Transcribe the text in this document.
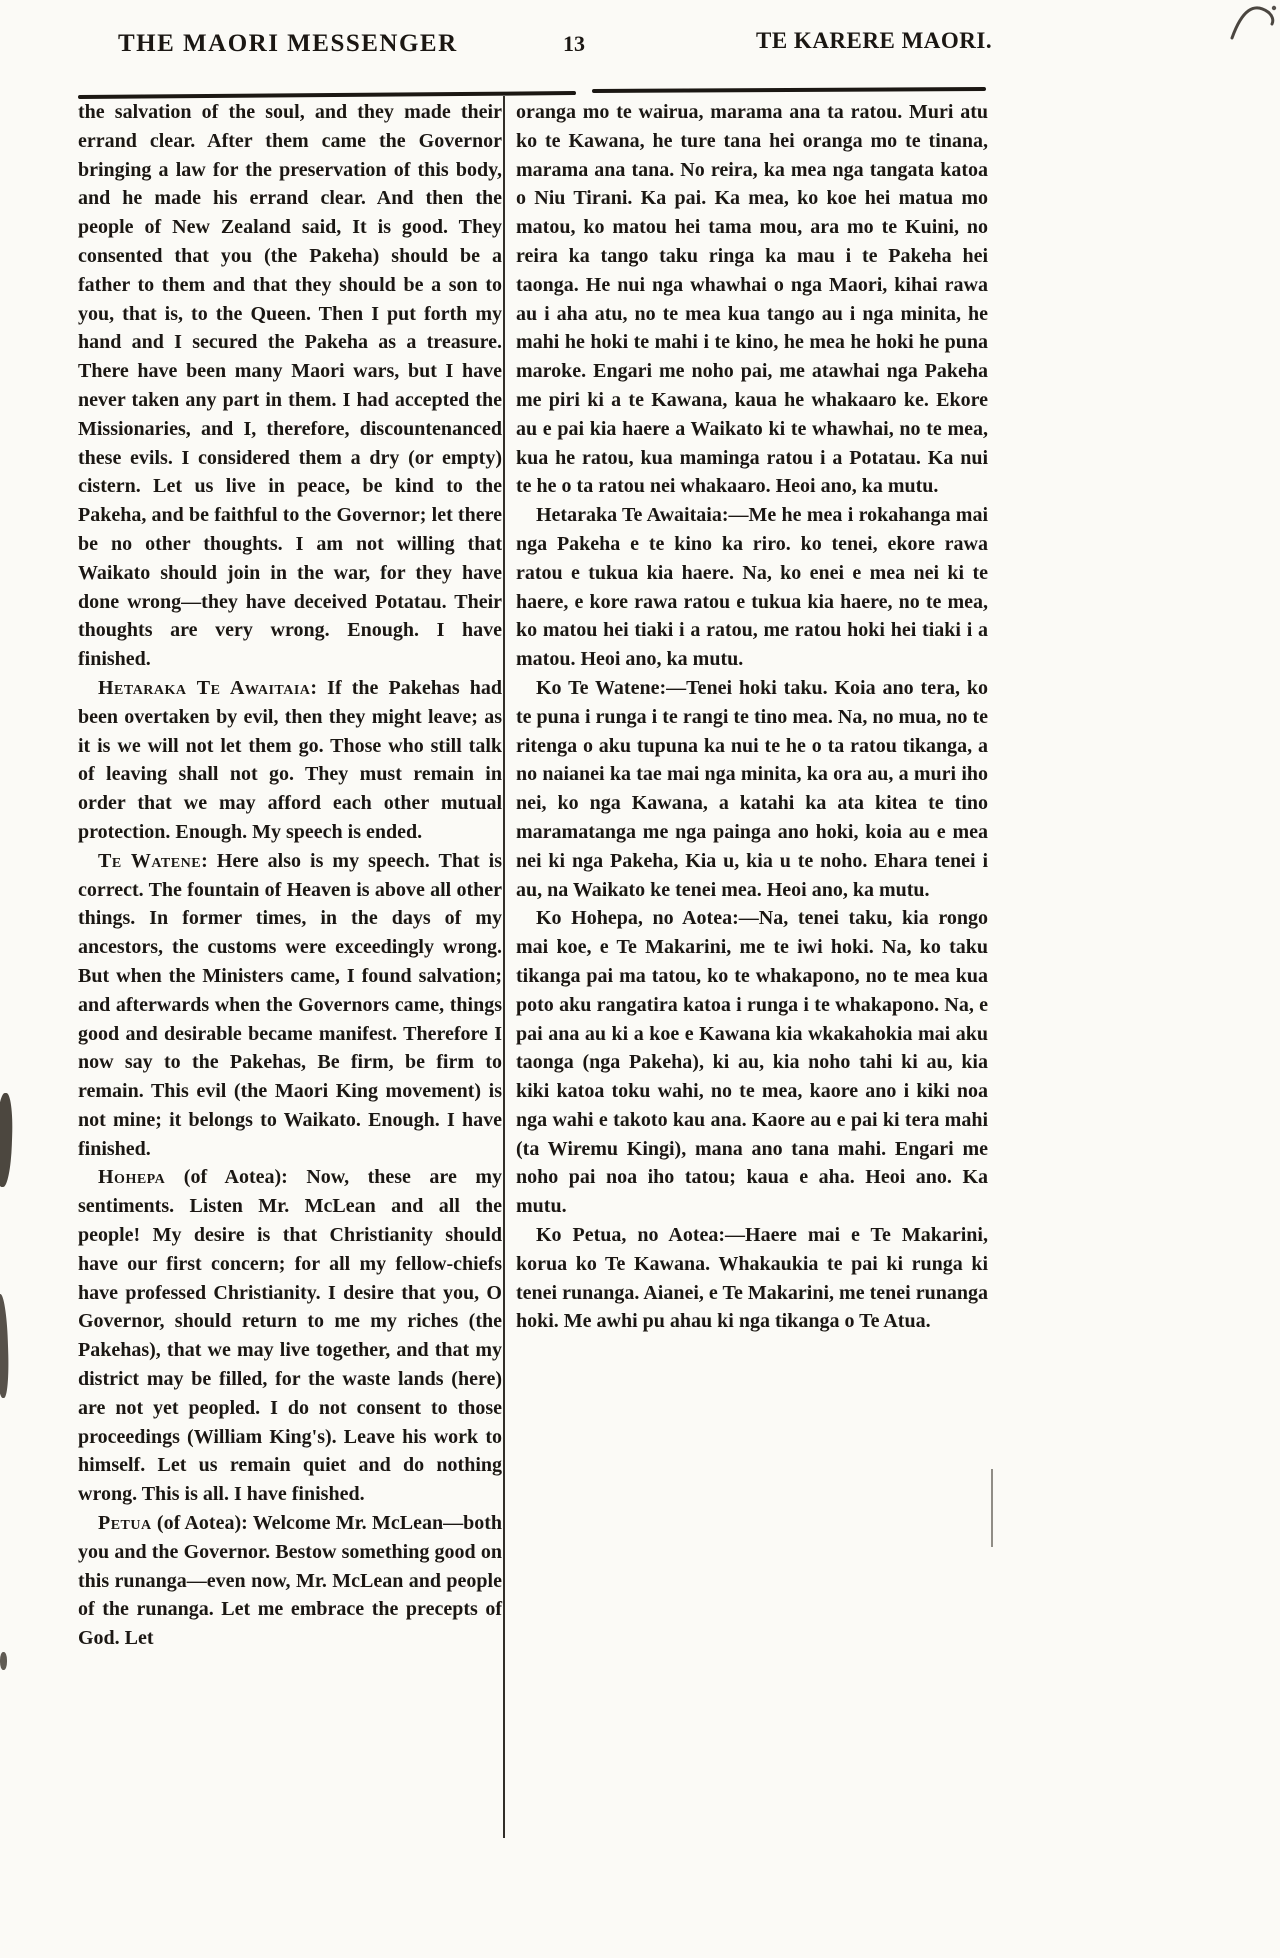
THE MAORI MESSENGER	13	TE KARERE MAORI.

the salvation of the soul, and they made their errand clear. After them came the Governor bringing a law for the preservation of this body, and he made his errand clear. And then the people of New Zealand said, It is good. They consented that you (the Pakeha) should be a father to them and that they should be a son to you, that is, to the Queen. Then I put forth my hand and I secured the Pakeha as a treasure. There have been many Maori wars, but I have never taken any part in them. I had accepted the Missionaries, and I, therefore, discountenanced these evils. I considered them a dry (or empty) cistern. Let us live in peace, be kind to the Pakeha, and be faithful to the Governor; let there be no other thoughts. I am not willing that Waikato should join in the war, for they have done wrong—they have deceived Potatau. Their thoughts are very wrong. Enough. I have finished.

Hetaraka Te Awaitaia: If the Pakehas had been overtaken by evil, then they might leave; as it is we will not let them go. Those who still talk of leaving shall not go. They must remain in order that we may afford each other mutual protection. Enough. My speech is ended.

Te Watene: Here also is my speech. That is correct. The fountain of Heaven is above all other things. In former times, in the days of my ancestors, the customs were exceedingly wrong. But when the Ministers came, I found salvation; and afterwards when the Governors came, things good and desirable became manifest. Therefore I now say to the Pakehas, Be firm, be firm to remain. This evil (the Maori King movement) is not mine; it belongs to Waikato. Enough. I have finished.

Hohepa (of Aotea): Now, these are my sentiments. Listen Mr. McLean and all the people! My desire is that Christianity should have our first concern; for all my fellow-chiefs have professed Christianity. I desire that you, O Governor, should return to me my riches (the Pakehas), that we may live together, and that my district may be filled, for the waste lands (here) are not yet peopled. I do not consent to those proceedings (William King's). Leave his work to himself. Let us remain quiet and do nothing wrong. This is all. I have finished.

Petua (of Aotea): Welcome Mr. McLean—both you and the Governor. Bestow something good on this runanga—even now, Mr. McLean and people of the runanga. Let me embrace the precepts of God. Let

oranga mo te wairua, marama ana ta ratou. Muri atu ko te Kawana, he ture tana hei oranga mo te tinana, marama ana tana. No reira, ka mea nga tangata katoa o Niu Tirani. Ka pai. Ka mea, ko koe hei matua mo matou, ko matou hei tama mou, ara mo te Kuini, no reira ka tango taku ringa ka mau i te Pakeha hei taonga. He nui nga whawhai o nga Maori, kihai rawa au i aha atu, no te mea kua tango au i nga minita, he mahi he hoki te mahi i te kino, he mea he hoki he puna maroke. Engari me noho pai, me atawhai nga Pakeha me piri ki a te Kawana, kaua he whakaaro ke. Ekore au e pai kia haere a Waikato ki te whawhai, no te mea, kua he ratou, kua maminga ratou i a Potatau. Ka nui te he o ta ratou nei whakaaro. Heoi ano, ka mutu.

Hetaraka Te Awaitaia:—Me he mea i rokahanga mai nga Pakeha e te kino ka riro. ko tenei, ekore rawa ratou e tukua kia haere. Na, ko enei e mea nei ki te haere, e kore rawa ratou e tukua kia haere, no te mea, ko matou hei tiaki i a ratou, me ratou hoki hei tiaki i a matou. Heoi ano, ka mutu.

Ko Te Watene:—Tenei hoki taku. Koia ano tera, ko te puna i runga i te rangi te tino mea. Na, no mua, no te ritenga o aku tupuna ka nui te he o ta ratou tikanga, a no naianei ka tae mai nga minita, ka ora au, a muri iho nei, ko nga Kawana, a katahi ka ata kitea te tino maramatanga me nga painga ano hoki, koia au e mea nei ki nga Pakeha, Kia u, kia u te noho. Ehara tenei i au, na Waikato ke tenei mea. Heoi ano, ka mutu.

Ko Hohepa, no Aotea:—Na, tenei taku, kia rongo mai koe, e Te Makarini, me te iwi hoki. Na, ko taku tikanga pai ma tatou, ko te whakapono, no te mea kua poto aku rangatira katoa i runga i te whakapono. Na, e pai ana au ki a koe e Kawana kia wkakahokia mai aku taonga (nga Pakeha), ki au, kia noho tahi ki au, kia kiki katoa toku wahi, no te mea, kaore ano i kiki noa nga wahi e takoto kau ana. Kaore au e pai ki tera mahi (ta Wiremu Kingi), mana ano tana mahi. Engari me noho pai noa iho tatou; kaua e aha. Heoi ano. Ka mutu.

Ko Petua, no Aotea:—Haere mai e Te Makarini, korua ko Te Kawana. Whakaukia te pai ki runga ki tenei runanga. Aianei, e Te Makarini, me tenei runanga hoki. Me awhi pu ahau ki nga tikanga o Te Atua.
